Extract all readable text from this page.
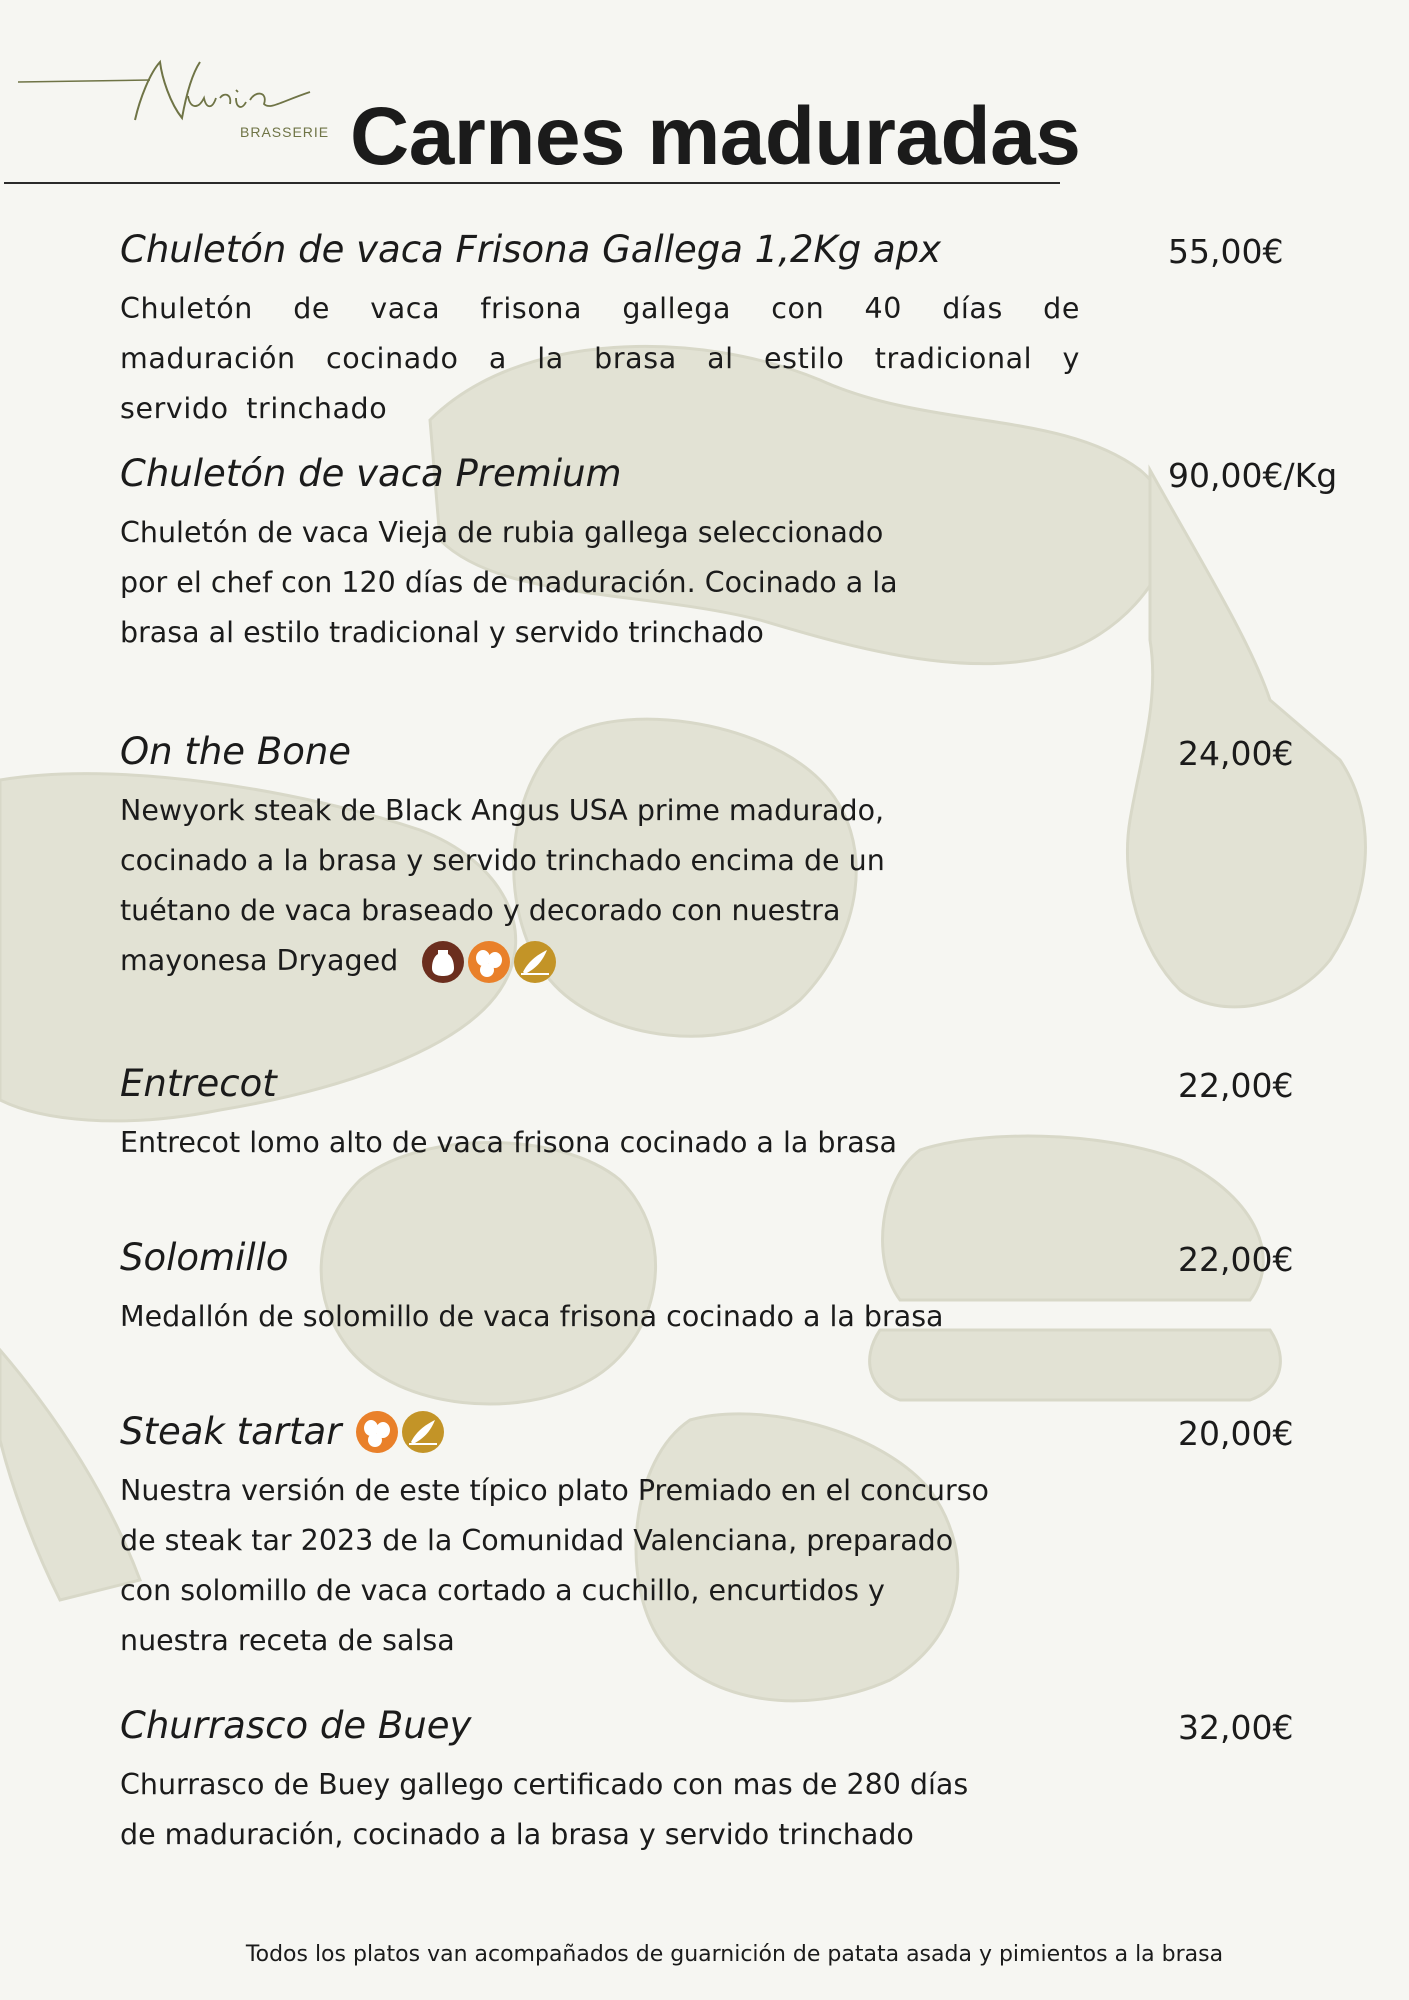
BRASSERIE Carnes maduradas
Chuletón de vaca Frisona Gallega 1,2Kg apx	55,00€
Chuletón de vaca frisona gallega con 40 días de maduración cocinado a la brasa al estilo tradicional y servido trinchado
Chuletón de vaca Premium	90,00€/Kg
Chuletón de vaca Vieja de rubia gallega seleccionado
por el chef con 120 días de maduración. Cocinado a la
brasa al estilo tradicional y servido trinchado
On the Bone	24,00€
Newyork steak de Black Angus USA prime madurado,
cocinado a la brasa y servido trinchado encima de un
tuétano de vaca braseado y decorado con nuestra
mayonesa Dryaged
Entrecot	22,00€
Entrecot lomo alto de vaca frisona cocinado a la brasa
Solomillo	22,00€
Medallón de solomillo de vaca frisona cocinado a la brasa
Steak tartar	20,00€
Nuestra versión de este típico plato Premiado en el concurso
de steak tar 2023 de la Comunidad Valenciana, preparado
con solomillo de vaca cortado a cuchillo, encurtidos y
nuestra receta de salsa
Churrasco de Buey	32,00€
Churrasco de Buey gallego certificado con mas de 280 días
de maduración, cocinado a la brasa y servido trinchado
Todos los platos van acompañados de guarnición de patata asada y pimientos a la brasa
